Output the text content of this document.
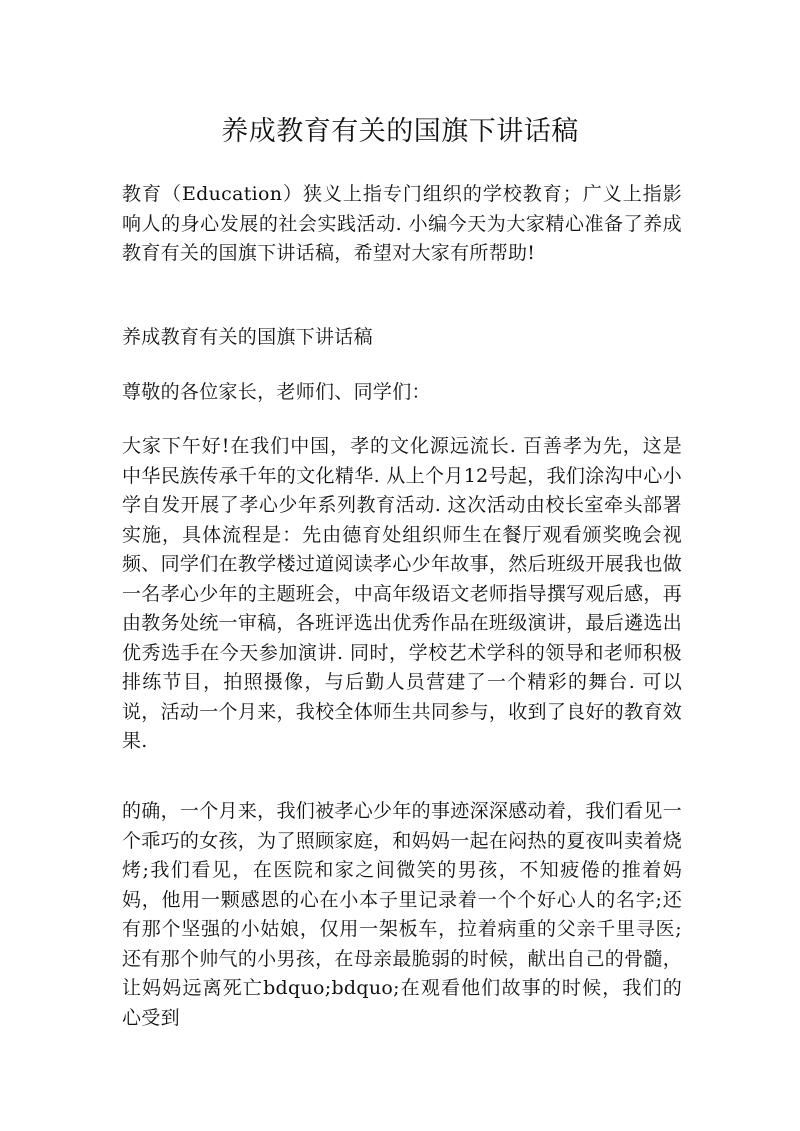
养成教育有关的国旗下讲话稿

教育（Education）狭义上指专门组织的学校教育；广义上指影响人的身心发展的社会实践活动. 小编今天为大家精心准备了养成教育有关的国旗下讲话稿，希望对大家有所帮助!

养成教育有关的国旗下讲话稿

尊敬的各位家长，老师们、同学们：

大家下午好!在我们中国，孝的文化源远流长. 百善孝为先，这是中华民族传承千年的文化精华. 从上个月12号起，我们涂沟中心小学自发开展了孝心少年系列教育活动. 这次活动由校长室牵头部署实施，具体流程是：先由德育处组织师生在餐厅观看颁奖晚会视频、同学们在教学楼过道阅读孝心少年故事，然后班级开展我也做一名孝心少年的主题班会，中高年级语文老师指导撰写观后感，再由教务处统一审稿，各班评选出优秀作品在班级演讲，最后遴选出优秀选手在今天参加演讲. 同时，学校艺术学科的领导和老师积极排练节目，拍照摄像，与后勤人员营建了一个精彩的舞台. 可以说，活动一个月来，我校全体师生共同参与，收到了良好的教育效果.

的确，一个月来，我们被孝心少年的事迹深深感动着，我们看见一个乖巧的女孩，为了照顾家庭，和妈妈一起在闷热的夏夜叫卖着烧烤;我们看见，在医院和家之间微笑的男孩，不知疲倦的推着妈妈，他用一颗感恩的心在小本子里记录着一个个好心人的名字;还有那个坚强的小姑娘，仅用一架板车，拉着病重的父亲千里寻医;还有那个帅气的小男孩，在母亲最脆弱的时候，献出自己的骨髓，让妈妈远离死亡bdquo;bdquo;在观看他们故事的时候，我们的心受到
